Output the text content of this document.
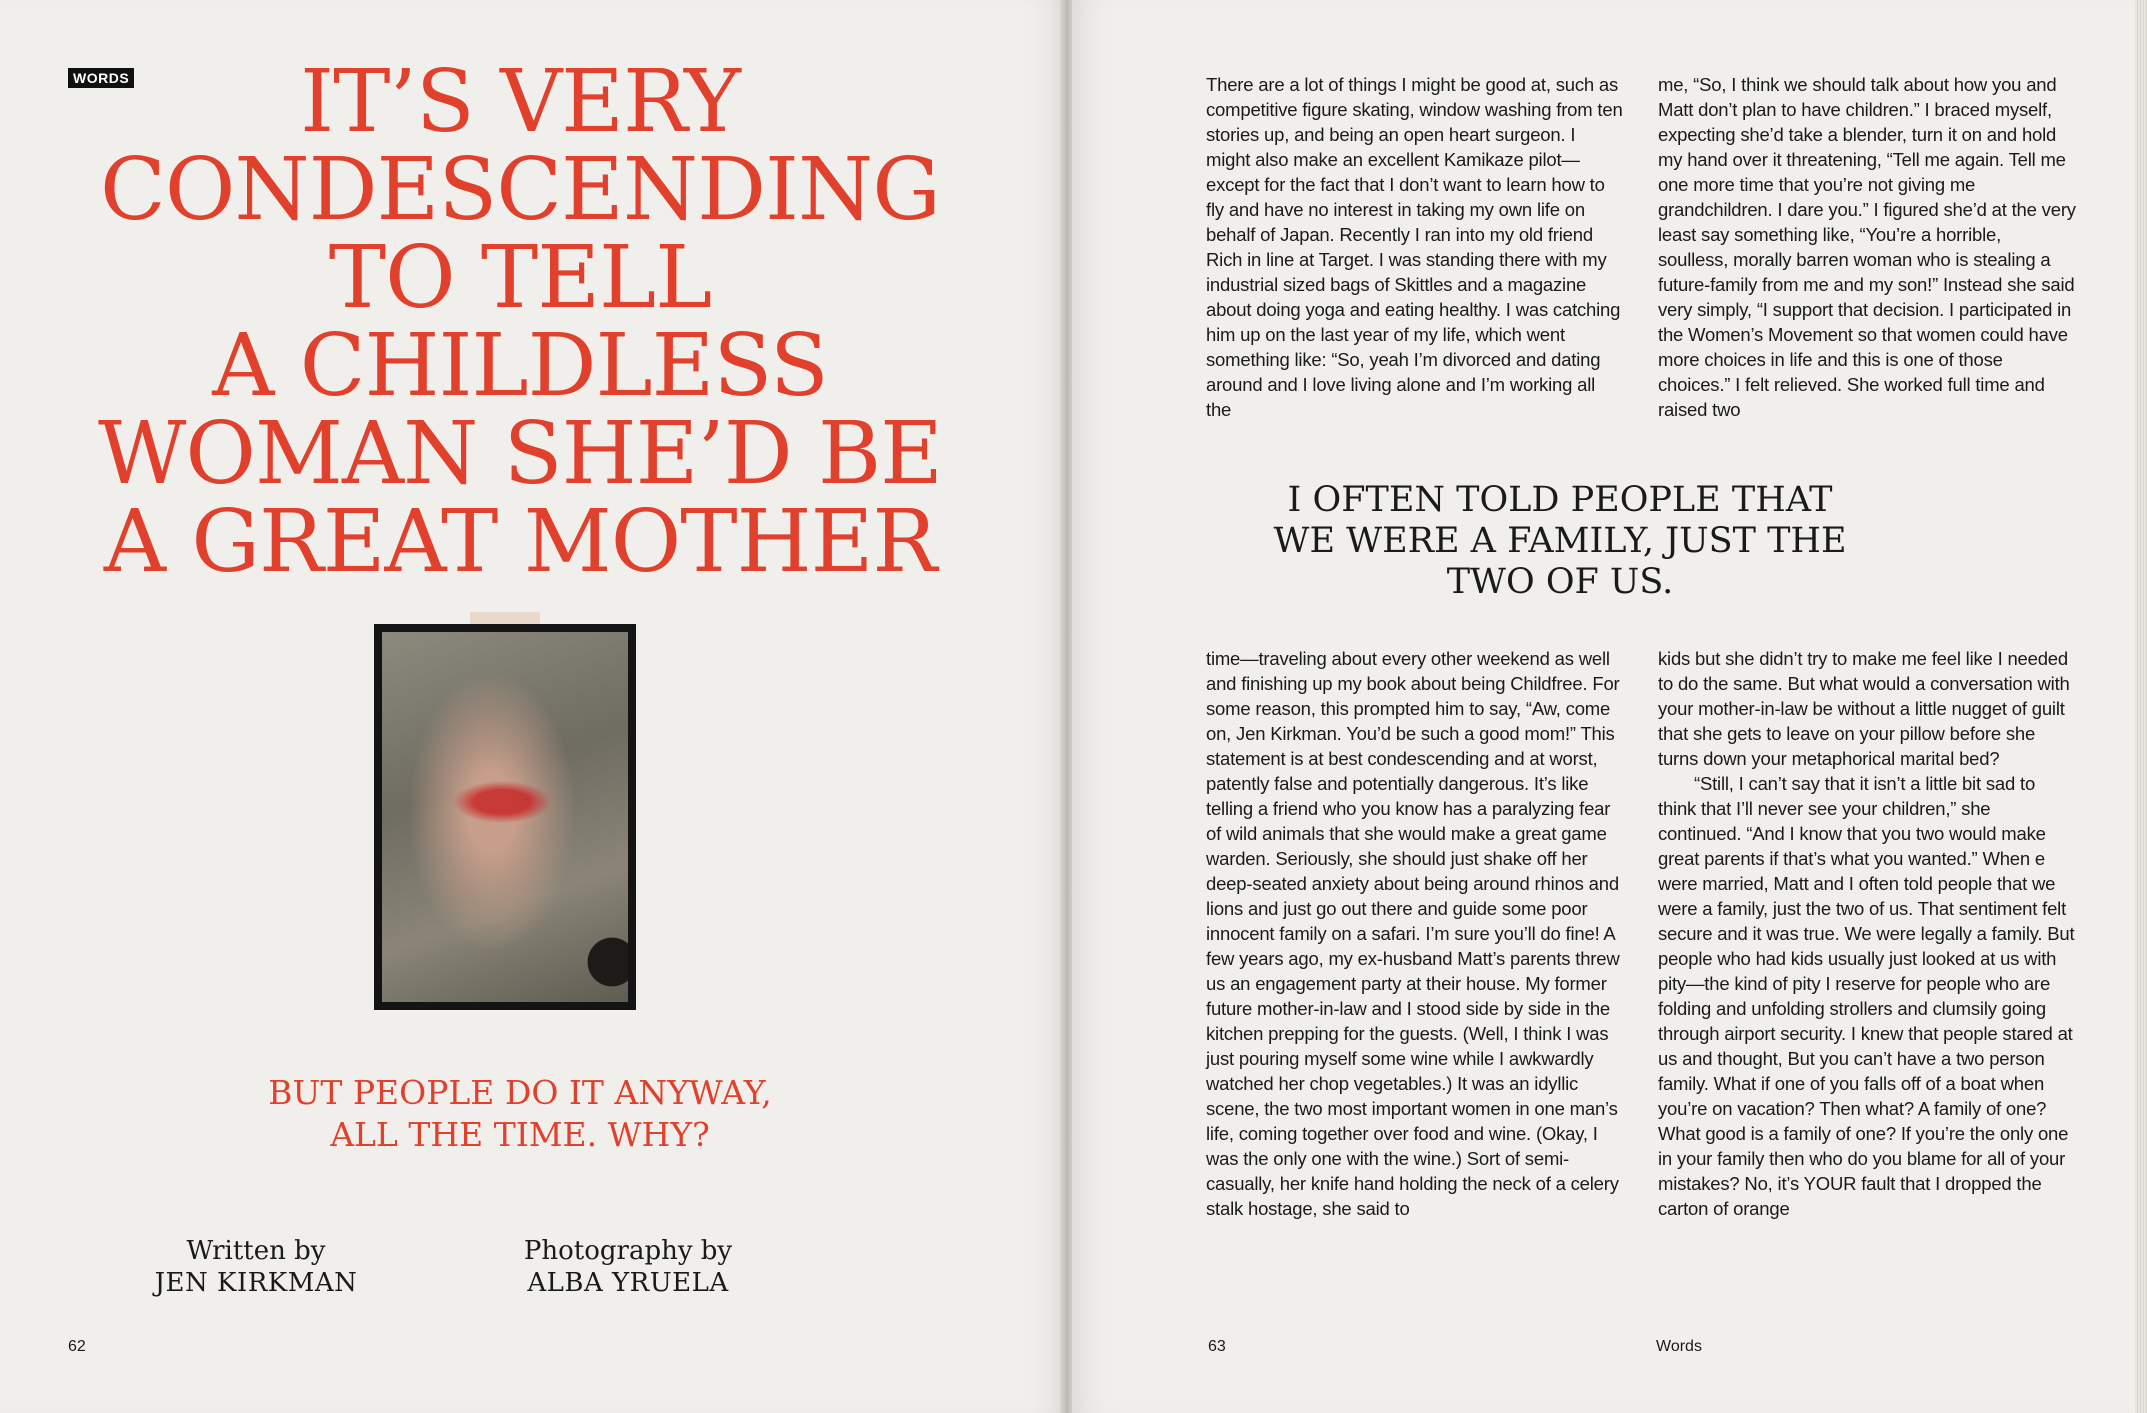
WORDS	IT’S VERY
CONDESCENDING
TO TELL
A CHILDLESS
WOMAN SHE’D BE
A GREAT MOTHER
BUT PEOPLE DO IT ANYWAY,
ALL THE TIME. WHY?
Written by
JEN KIRKMAN
Photography by
ALBA YRUELA
62

There are a lot of things I might be good at, such as competitive figure skating, window washing from ten stories up, and being an open heart surgeon. I might also make an excellent Kamikaze pilot—except for the fact that I don’t want to learn how to fly and have no interest in taking my own life on behalf of Japan. Recently I ran into my old friend Rich in line at Target. I was standing there with my industrial sized bags of Skittles and a magazine about doing yoga and eating healthy. I was catching him up on the last year of my life, which went something like: “So, yeah I’m divorced and dating around and I love living alone and I’m working all the

me, “So, I think we should talk about how you and Matt don’t plan to have children.” I braced myself, expecting she’d take a blender, turn it on and hold my hand over it threatening, “Tell me again. Tell me one more time that you’re not giving me grandchildren. I dare you.” I figured she’d at the very least say something like, “You’re a horrible, soulless, morally barren woman who is stealing a future-family from me and my son!” Instead she said very simply, “I support that decision. I participated in the Women’s Movement so that women could have more choices in life and this is one of those choices.” I felt relieved. She worked full time and raised two

I OFTEN TOLD PEOPLE THAT
WE WERE A FAMILY, JUST THE
TWO OF US.

time—traveling about every other weekend as well and finishing up my book about being Childfree. For some reason, this prompted him to say, “Aw, come on, Jen Kirkman. You’d be such a good mom!” This statement is at best condescending and at worst, patently false and potentially dangerous. It’s like telling a friend who you know has a paralyzing fear of wild animals that she would make a great game warden. Seriously, she should just shake off her deep-seated anxiety about being around rhinos and lions and just go out there and guide some poor innocent family on a safari. I’m sure you’ll do fine! A few years ago, my ex-husband Matt’s parents threw us an engagement party at their house. My former future mother-in-law and I stood side by side in the kitchen prepping for the guests. (Well, I think I was just pouring myself some wine while I awkwardly watched her chop vegetables.) It was an idyllic scene, the two most important women in one man’s life, coming together over food and wine. (Okay, I was the only one with the wine.) Sort of semi-casually, her knife hand holding the neck of a celery stalk hostage, she said to

kids but she didn’t try to make me feel like I needed to do the same. But what would a conversation with your mother-in-law be without a little nugget of guilt that she gets to leave on your pillow before she turns down your metaphorical marital bed?

“Still, I can’t say that it isn’t a little bit sad to think that I’ll never see your children,” she continued. “And I know that you two would make great parents if that’s what you wanted.” When e were married, Matt and I often told people that we were a family, just the two of us. That sentiment felt secure and it was true. We were legally a family. But people who had kids usually just looked at us with pity—the kind of pity I reserve for people who are folding and unfolding strollers and clumsily going through airport security. I knew that people stared at us and thought, But you can’t have a two person family. What if one of you falls off of a boat when you’re on vacation? Then what? A family of one? What good is a family of one? If you’re the only one in your family then who do you blame for all of your mistakes? No, it’s YOUR fault that I dropped the carton of orange

63	Words
